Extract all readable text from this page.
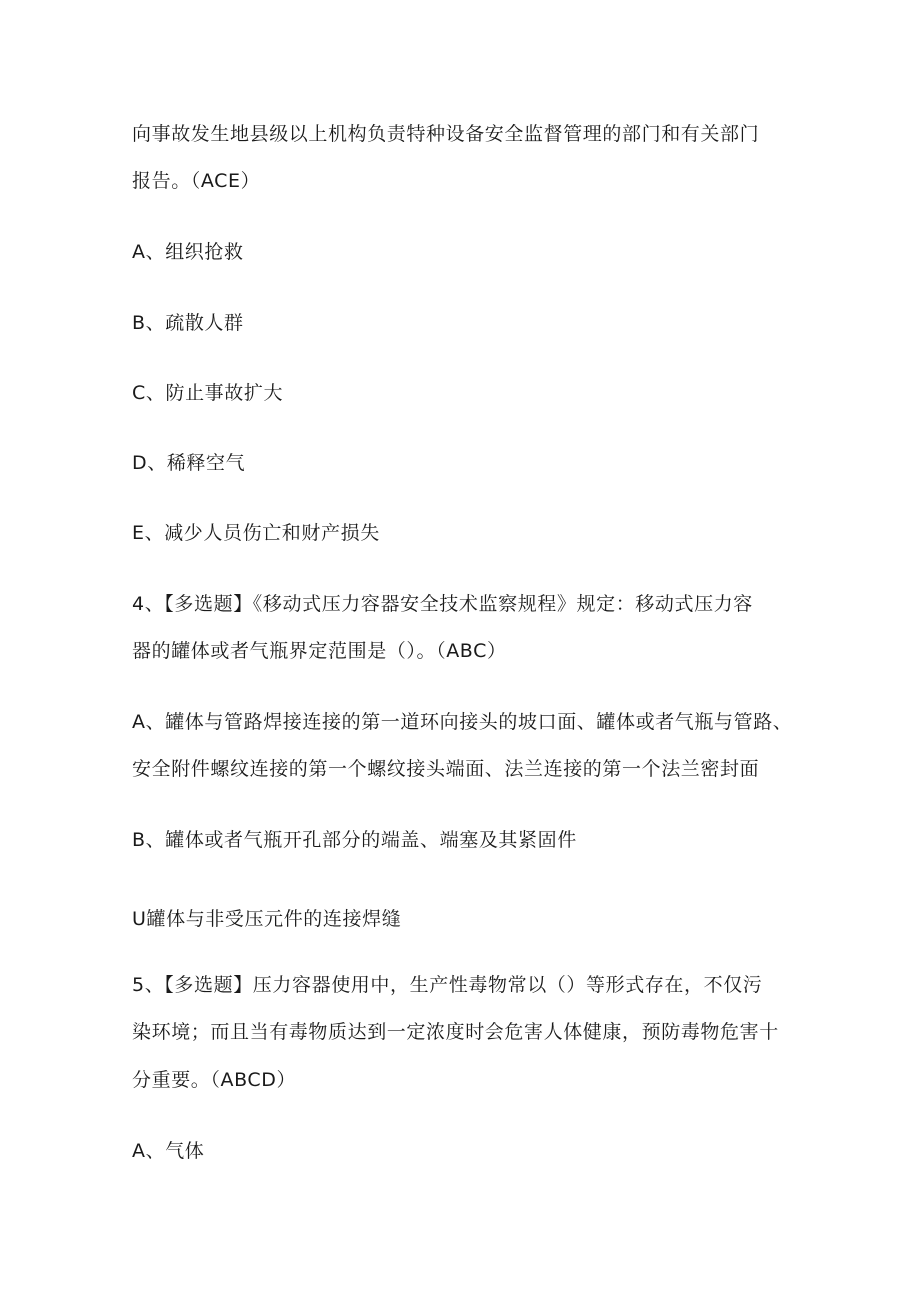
向事故发生地县级以上机构负责特种设备安全监督管理的部门和有关部门
报告。（ACE）
A、组织抢救
B、疏散人群
C、防止事故扩大
D、稀释空气
E、减少人员伤亡和财产损失
4、【多选题】《移动式压力容器安全技术监察规程》规定：移动式压力容
器的罐体或者气瓶界定范围是（）。（ABC）
A、罐体与管路焊接连接的第一道环向接头的坡口面、罐体或者气瓶与管路、
安全附件螺纹连接的第一个螺纹接头端面、法兰连接的第一个法兰密封面
B、罐体或者气瓶开孔部分的端盖、端塞及其紧固件
U罐体与非受压元件的连接焊缝
5、【多选题】压力容器使用中，生产性毒物常以（）等形式存在，不仅污
染环境；而且当有毒物质达到一定浓度时会危害人体健康，预防毒物危害十
分重要。（ABCD）
A、气体
